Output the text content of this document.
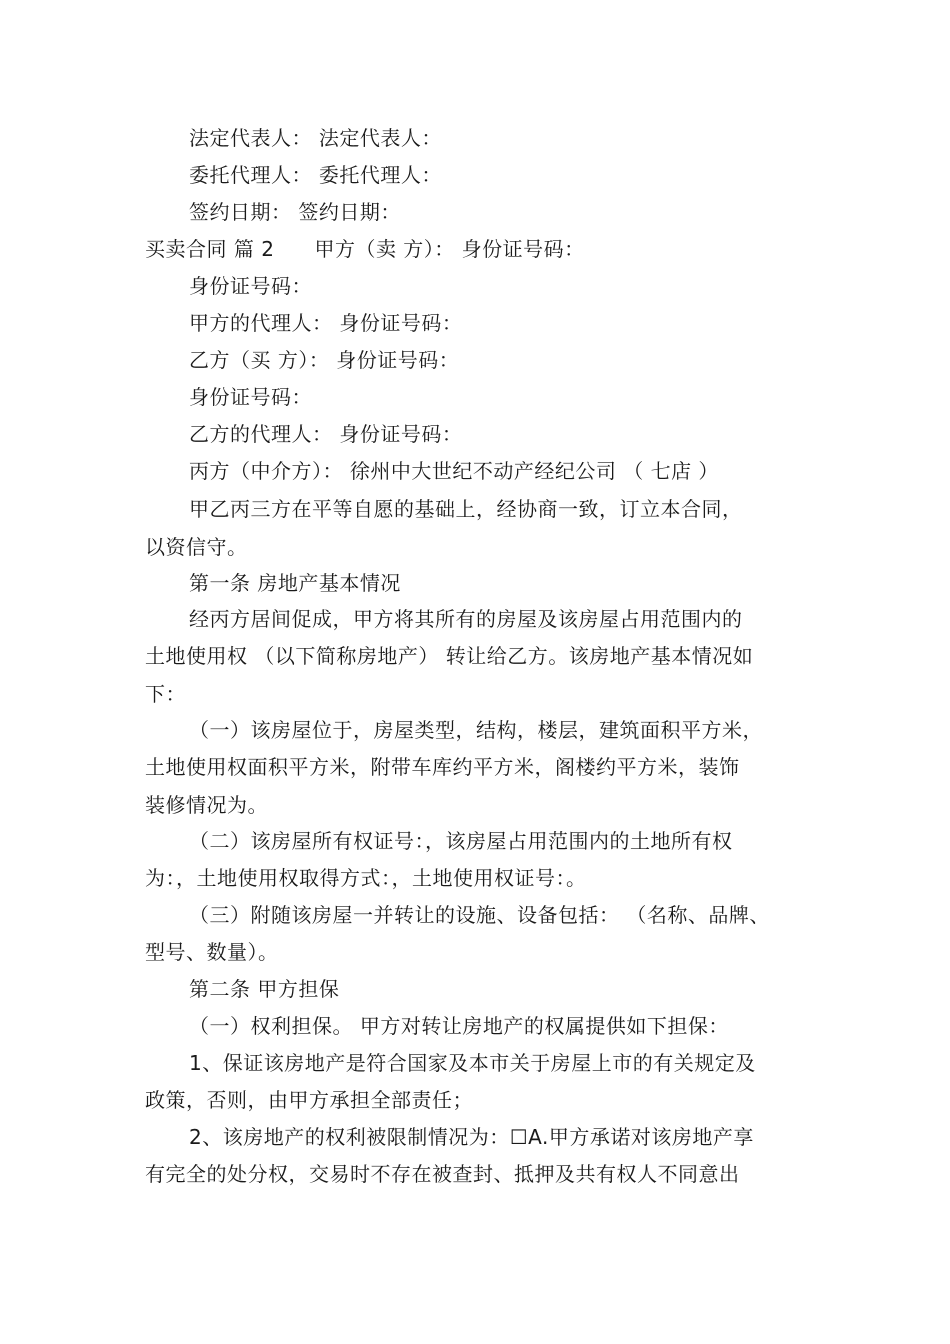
法定代表人： 法定代表人：
委托代理人： 委托代理人：
签约日期： 签约日期：
买卖合同 篇 2 甲方（卖 方）： 身份证号码：
身份证号码：
甲方的代理人： 身份证号码：
乙方（买 方）： 身份证号码：
身份证号码：
乙方的代理人： 身份证号码：
丙方（中介方）： 徐州中大世纪不动产经纪公司 （ 七店 ）
甲乙丙三方在平等自愿的基础上，经协商一致，订立本合同，
以资信守。
第一条 房地产基本情况
经丙方居间促成，甲方将其所有的房屋及该房屋占用范围内的
土地使用权 （以下简称房地产） 转让给乙方。该房地产基本情况如
下：
（一）该房屋位于，房屋类型，结构，楼层，建筑面积平方米，
土地使用权面积平方米，附带车库约平方米，阁楼约平方米，装饰
装修情况为。
（二）该房屋所有权证号：，该房屋占用范围内的土地所有权
为：，土地使用权取得方式：，土地使用权证号：。
（三）附随该房屋一并转让的设施、设备包括： （名称、品牌、
型号、数量）。
第二条 甲方担保
（一）权利担保。 甲方对转让房地产的权属提供如下担保：
1、保证该房地产是符合国家及本市关于房屋上市的有关规定及
政策，否则，由甲方承担全部责任；
2、该房地产的权利被限制情况为：☐A.甲方承诺对该房地产享
有完全的处分权，交易时不存在被查封、抵押及共有权人不同意出
